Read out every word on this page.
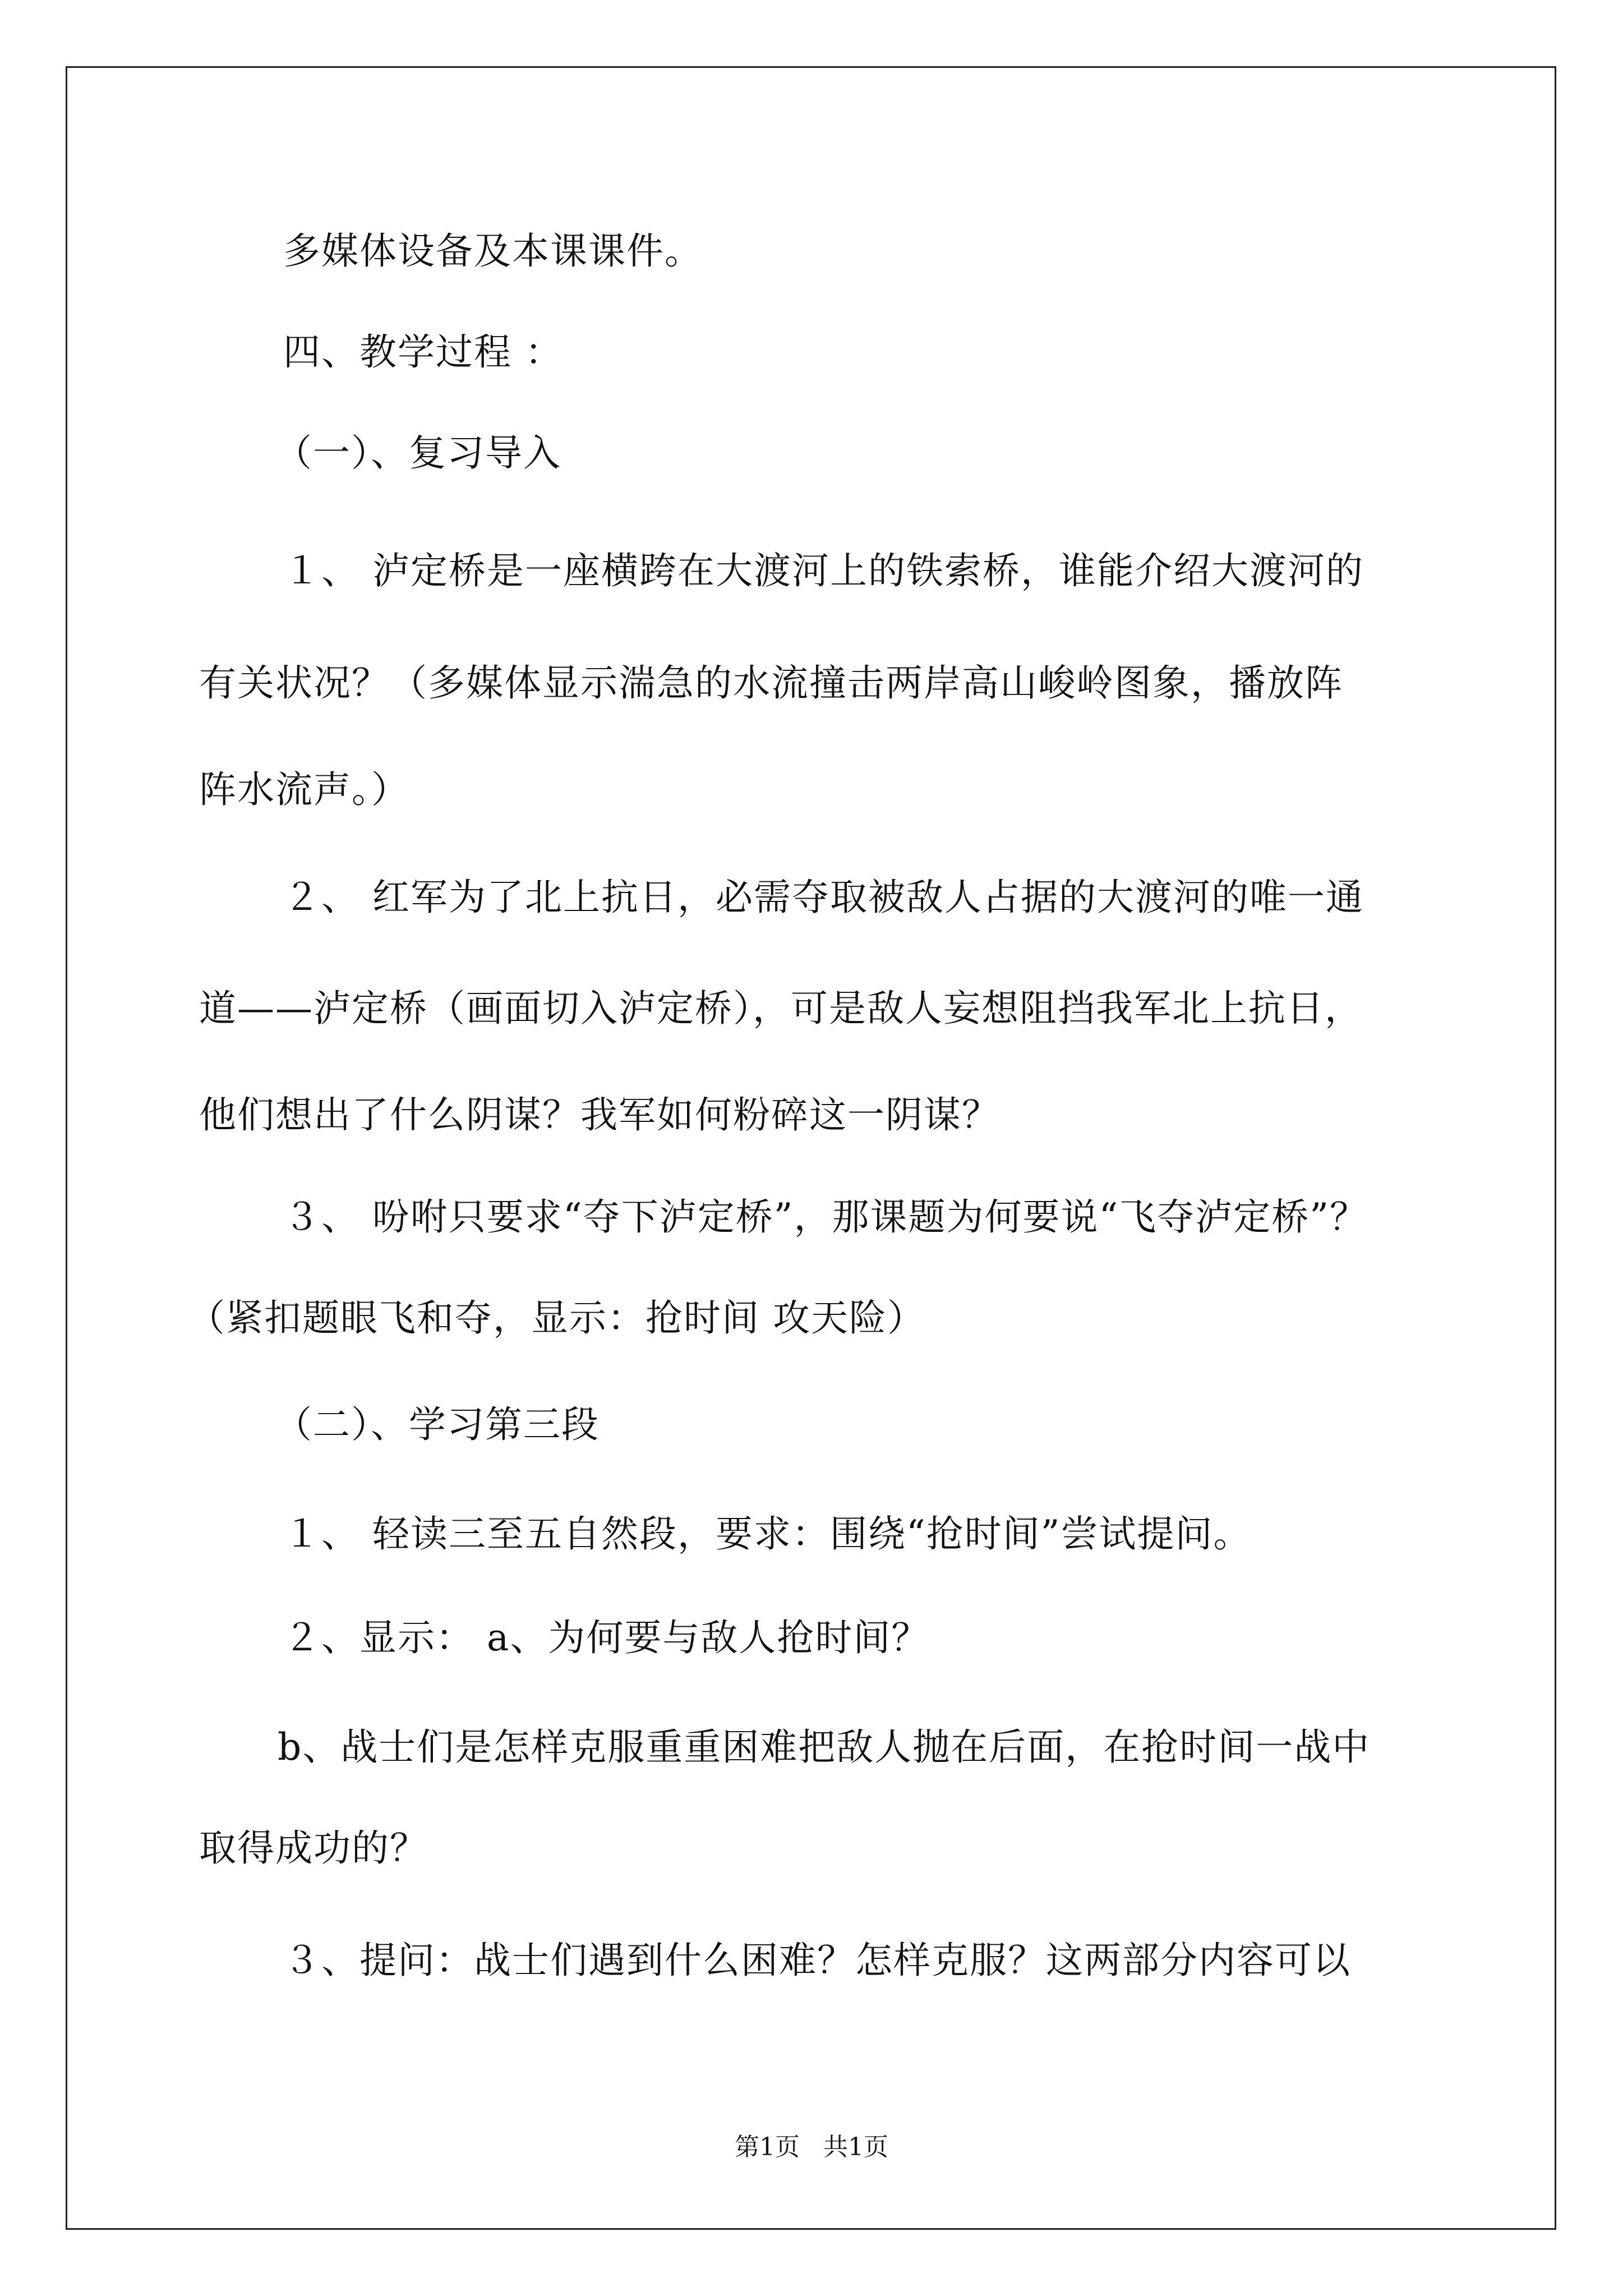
多媒体设备及本课课件。
四、教学过程 ：
（一）、复习导入
１、 泸定桥是一座横跨在大渡河上的铁索桥，谁能介绍大渡河的
有关状况？（多媒体显示湍急的水流撞击两岸高山峻岭图象，播放阵
阵水流声。）
２、 红军为了北上抗日，必需夺取被敌人占据的大渡河的唯一通
道——泸定桥（画面切入泸定桥），可是敌人妄想阻挡我军北上抗日，
他们想出了什么阴谋？我军如何粉碎这一阴谋？
３、 吩咐只要求“夺下泸定桥”，那课题为何要说“飞夺泸定桥”？
（紧扣题眼飞和夺，显示：抢时间 攻天险）
（二）、学习第三段
１、 轻读三至五自然段，要求：围绕“抢时间”尝试提问。
２、显示： a、为何要与敌人抢时间？
b、战士们是怎样克服重重困难把敌人抛在后面，在抢时间一战中
取得成功的？
３、提问：战士们遇到什么困难？怎样克服？这两部分内容可以
第1页   共1页
